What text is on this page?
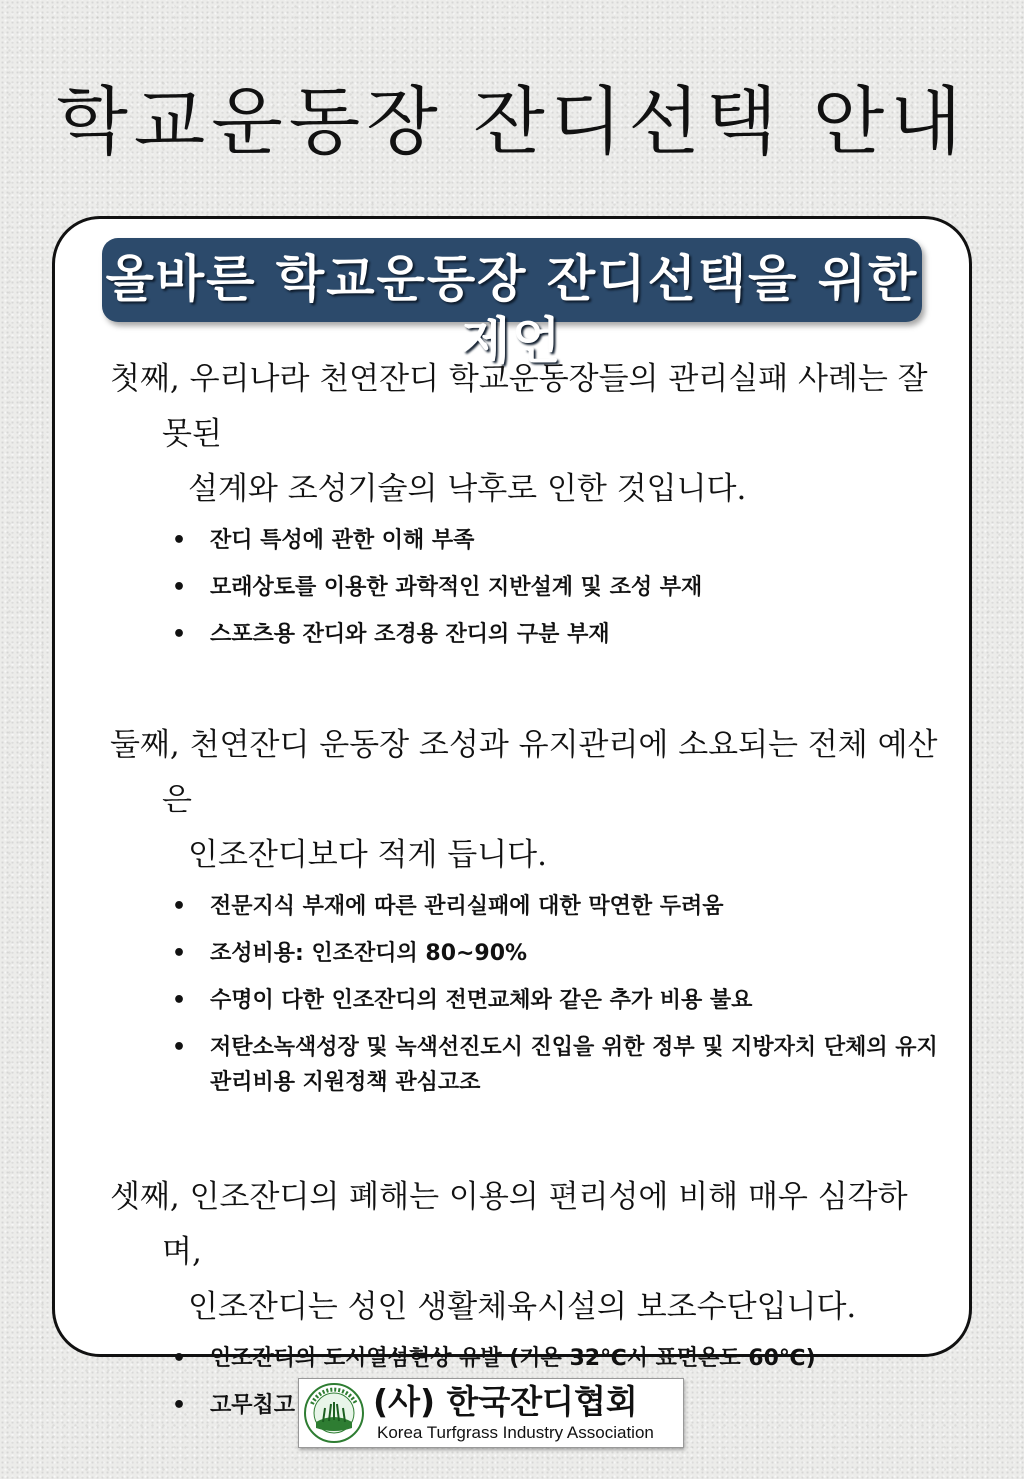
학교운동장 잔디선택 안내
올바른 학교운동장 잔디선택을 위한 제언

첫째, 우리나라 천연잔디 학교운동장들의 관리실패 사례는 잘못된

설계와 조성기술의 낙후로 인한 것입니다.

• 잔디 특성에 관한 이해 부족
• 모래상토를 이용한 과학적인 지반설계 및 조성 부재
• 스포츠용 잔디와 조경용 잔디의 구분 부재

둘째, 천연잔디 운동장 조성과 유지관리에 소요되는 전체 예산은

인조잔디보다 적게 듭니다.

• 전문지식 부재에 따른 관리실패에 대한 막연한 두려움
• 조성비용: 인조잔디의 80~90%
• 수명이 다한 인조잔디의 전면교체와 같은 추가 비용 불요
• 저탄소녹색성장 및 녹색선진도시 진입을 위한 정부 및 지방자치 단체의 유지관리비용 지원정책 관심고조

셋째, 인조잔디의 폐해는 이용의 편리성에 비해 매우 심각하며,

인조잔디는 성인 생활체육시설의 보조수단입니다.

• 인조잔디의 도시열섬현상 유발 (기온 32℃시 표면온도 60℃)
• 고무칩고	(사) 한국잔디협회
Korea Turfgrass Industry Association
